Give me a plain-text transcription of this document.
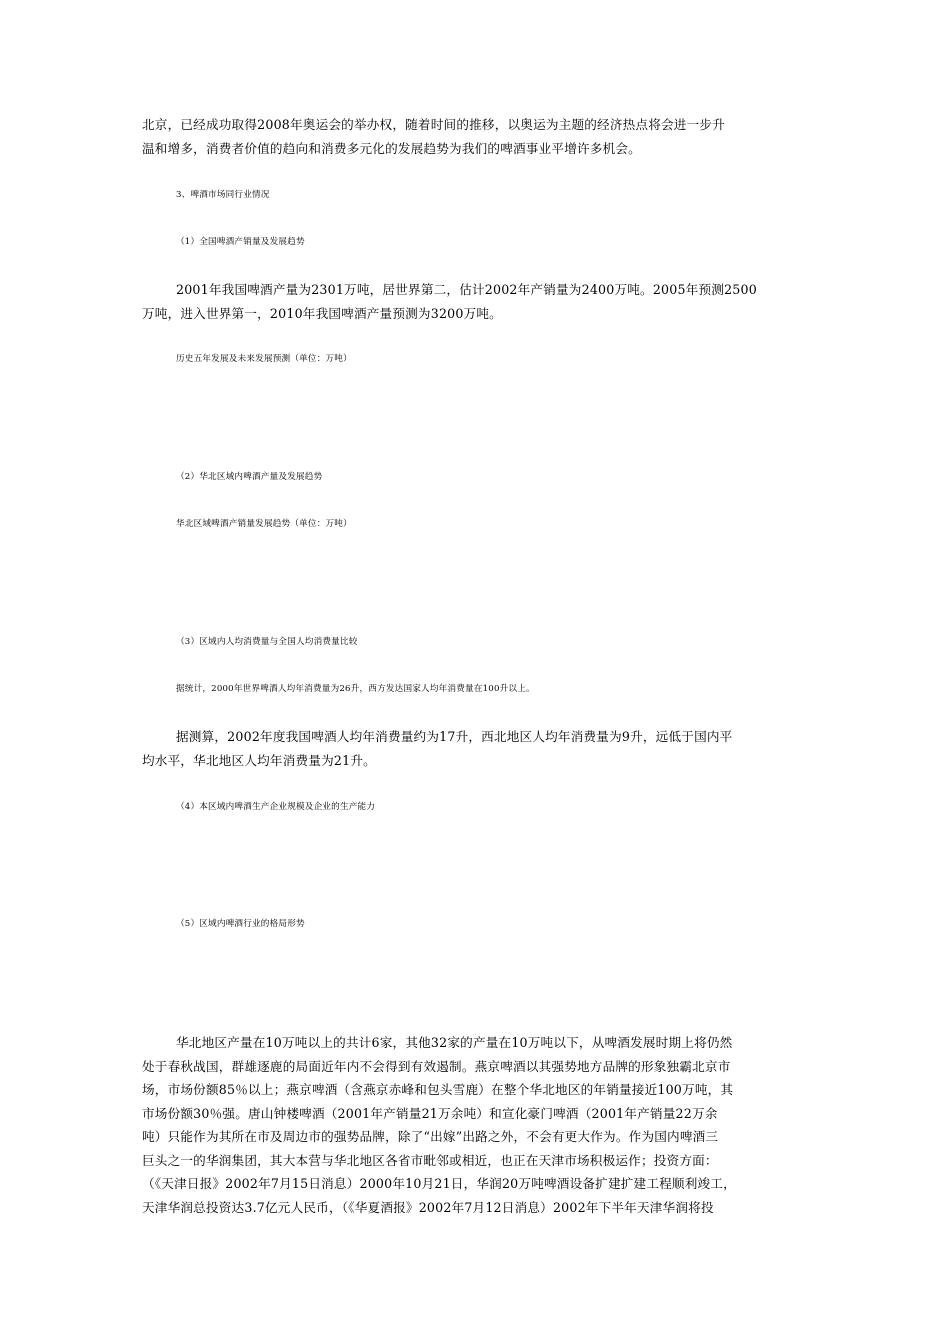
北京，已经成功取得2008年奥运会的举办权，随着时间的推移，以奥运为主题的经济热点将会进一步升
温和增多，消费者价值的趋向和消费多元化的发展趋势为我们的啤酒事业平增许多机会。

3、啤酒市场同行业情况

（1）全国啤酒产销量及发展趋势

2001年我国啤酒产量为2301万吨，居世界第二，估计2002年产销量为2400万吨。2005年预测2500
万吨，进入世界第一，2010年我国啤酒产量预测为3200万吨。

历史五年发展及未来发展预测（单位：万吨）

（2）华北区域内啤酒产量及发展趋势

华北区域啤酒产销量发展趋势（单位：万吨）

（3）区域内人均消费量与全国人均消费量比较

据统计，2000年世界啤酒人均年消费量为26升，西方发达国家人均年消费量在100升以上。

据测算，2002年度我国啤酒人均年消费量约为17升，西北地区人均年消费量为9升，远低于国内平
均水平，华北地区人均年消费量为21升。

（4）本区域内啤酒生产企业规模及企业的生产能力

（5）区域内啤酒行业的格局形势

华北地区产量在10万吨以上的共计6家，其他32家的产量在10万吨以下，从啤酒发展时期上将仍然
处于春秋战国，群雄逐鹿的局面近年内不会得到有效遏制。燕京啤酒以其强势地方品牌的形象独霸北京市
场，市场份额85％以上；燕京啤酒（含燕京赤峰和包头雪鹿）在整个华北地区的年销量接近100万吨，其
市场份额30％强。唐山钟楼啤酒（2001年产销量21万余吨）和宣化豪门啤酒（2001年产销量22万余
吨）只能作为其所在市及周边市的强势品牌，除了“出嫁”出路之外，不会有更大作为。作为国内啤酒三
巨头之一的华润集团，其大本营与华北地区各省市毗邻或相近，也正在天津市场积极运作；投资方面：
（《天津日报》2002年7月15日消息）2000年10月21日，华润20万吨啤酒设备扩建扩建工程顺利竣工，
天津华润总投资达3.7亿元人民币，（《华夏酒报》2002年7月12日消息）2002年下半年天津华润将投
